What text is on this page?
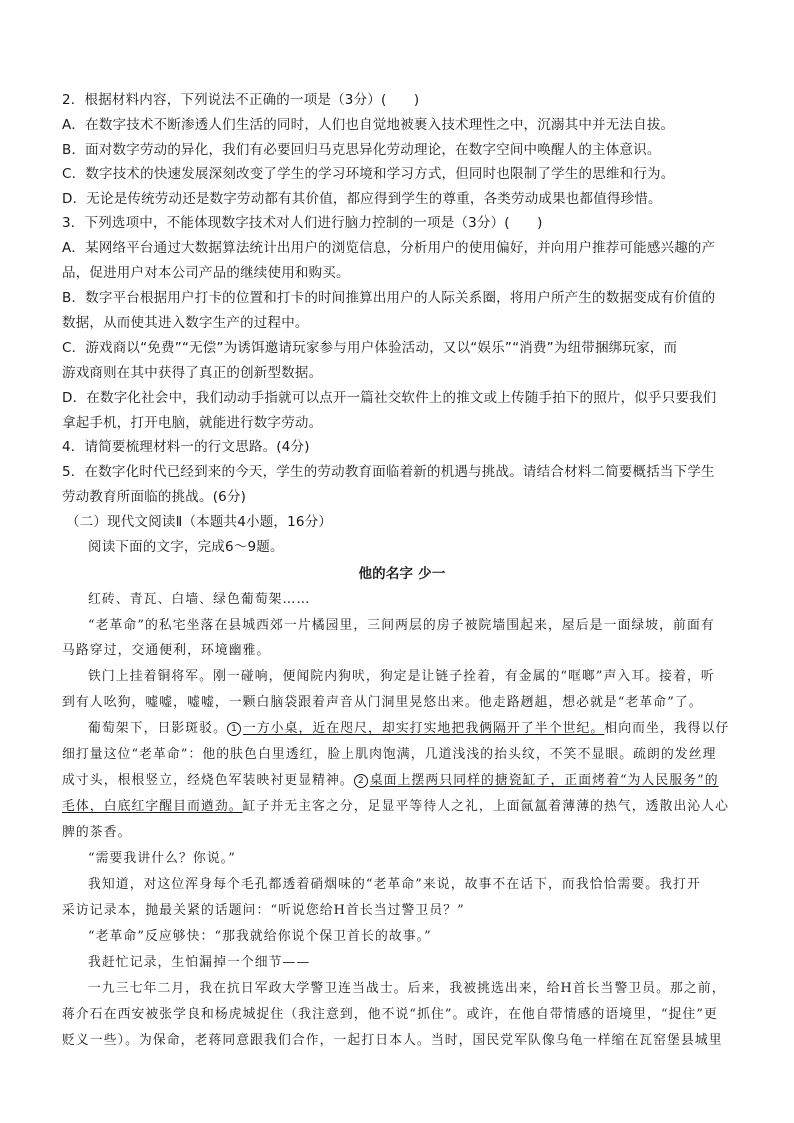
2．根据材料内容，下列说法不正确的一项是（3分）(　　)
A．在数字技术不断渗透人们生活的同时，人们也自觉地被裹入技术理性之中，沉溺其中并无法自拔。
B．面对数字劳动的异化，我们有必要回归马克思异化劳动理论，在数字空间中唤醒人的主体意识。
C．数字技术的快速发展深刻改变了学生的学习环境和学习方式，但同时也限制了学生的思维和行为。
D．无论是传统劳动还是数字劳动都有其价值，都应得到学生的尊重，各类劳动成果也都值得珍惜。
3．下列选项中，不能体现数字技术对人们进行脑力控制的一项是（3分）(　　)
A．某网络平台通过大数据算法统计出用户的浏览信息，分析用户的使用偏好，并向用户推荐可能感兴趣的产
品，促进用户对本公司产品的继续使用和购买。
B．数字平台根据用户打卡的位置和打卡的时间推算出用户的人际关系圈，将用户所产生的数据变成有价值的
数据，从而使其进入数字生产的过程中。
C．游戏商以“免费”“无偿”为诱饵邀请玩家参与用户体验活动，又以“娱乐”“消费”为纽带捆绑玩家，而
游戏商则在其中获得了真正的创新型数据。
D．在数字化社会中，我们动动手指就可以点开一篇社交软件上的推文或上传随手拍下的照片，似乎只要我们
拿起手机，打开电脑，就能进行数字劳动。
4．请简要梳理材料一的行文思路。(4分)
5．在数字化时代已经到来的今天，学生的劳动教育面临着新的机遇与挑战。请结合材料二简要概括当下学生
劳动教育所面临的挑战。(6分)
（二）现代文阅读Ⅱ（本题共4小题，16分）
阅读下面的文字，完成6～9题。
他的名字 少一
红砖、青瓦、白墙、绿色葡萄架……
“老革命”的私宅坐落在县城西郊一片橘园里，三间两层的房子被院墙围起来，屋后是一面绿坡，前面有
马路穿过，交通便利，环境幽雅。
铁门上挂着铜将军。刚一碰响，便闻院内狗吠，狗定是让链子拴着，有金属的“哐啷”声入耳。接着，听
到有人吆狗，嘘嘘，嘘嘘，一颗白脑袋跟着声音从门洞里晃悠出来。他走路趔趄，想必就是“老革命”了。
葡萄架下，日影斑驳。 1 一方小桌，近在咫尺，却实打实地把我俩隔开了半个世纪。相向而坐，我得以仔
细打量这位“老革命”：他的肤色白里透红，脸上肌肉饱满，几道浅浅的抬头纹，不笑不显眼。疏朗的发丝理
成寸头，根根竖立，经烧色军装映衬更显精神。 2 桌面上摆两只同样的搪瓷缸子，正面烤着“为人民服务”的
毛体，白底红字醒目而遒劲。缸子并无主客之分，足显平等待人之礼，上面氤氲着薄薄的热气，透散出沁人心
脾的茶香。
“需要我讲什么？你说。”
我知道，对这位浑身每个毛孔都透着硝烟味的“老革命”来说，故事不在话下，而我恰恰需要。我打开
采访记录本，抛最关紧的话题问：“听说您给H首长当过警卫员？”
“老革命”反应够快：“那我就给你说个保卫首长的故事。”
我赶忙记录，生怕漏掉一个细节——
一九三七年二月，我在抗日军政大学警卫连当战士。后来，我被挑选出来，给H首长当警卫员。那之前，
蒋介石在西安被张学良和杨虎城捉住（我注意到，他不说“抓住”。或许，在他自带情感的语境里，“捉住”更
贬义一些）。为保命，老蒋同意跟我们合作，一起打日本人。当时，国民党军队像乌龟一样缩在瓦窑堡县城里
